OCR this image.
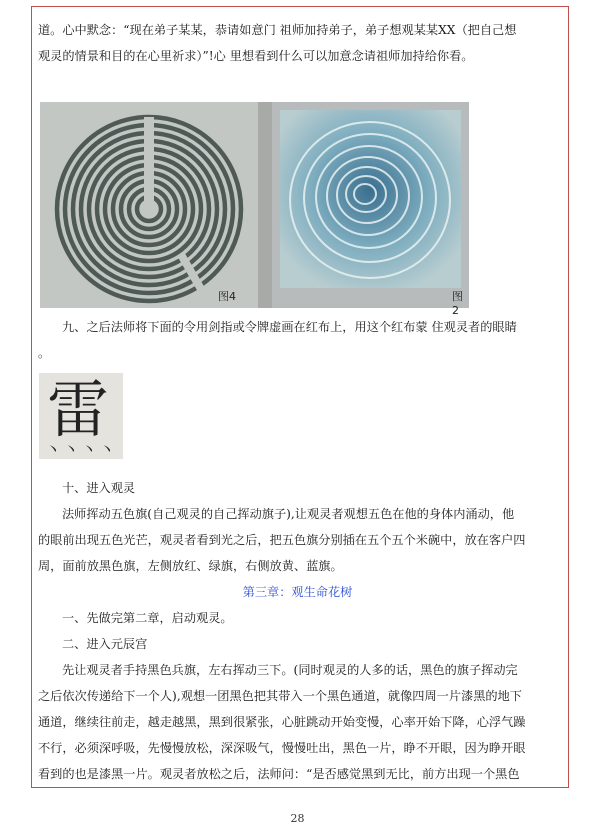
道。心中默念：“现在弟子某某，恭请如意门 祖师加持弟子，弟子想观某某XX（把自己想

观灵的情景和目的在心里祈求）”!心 里想看到什么可以加意念请祖师加持给你看。

图4	图2

九、之后法师将下面的令用剑指或令牌虚画在红布上，用这个红布蒙 住观灵者的眼睛

。

雷
丶丶丶丶

十、进入观灵

法师挥动五色旗(自己观灵的自己挥动旗子),让观灵者观想五色在他的身体内涌动，他

的眼前出现五色光芒，观灵者看到光之后，把五色旗分别插在五个五个米碗中，放在客户四

周，面前放黑色旗，左侧放红、绿旗，右侧放黄、蓝旗。

第三章：观生命花树

一、先做完第二章，启动观灵。

二、进入元辰宫

先让观灵者手持黑色兵旗，左右挥动三下。(同时观灵的人多的话，黑色的旗子挥动完

之后依次传递给下一个人),观想一团黑色把其带入一个黑色通道，就像四周一片漆黑的地下

通道，继续往前走，越走越黑，黑到很紧张，心脏跳动开始变慢，心率开始下降，心浮气躁

不行，必须深呼吸，先慢慢放松，深深吸气，慢慢吐出，黑色一片，睁不开眼，因为睁开眼

看到的也是漆黑一片。观灵者放松之后，法师问：“是否感觉黑到无比，前方出现一个黑色

28
